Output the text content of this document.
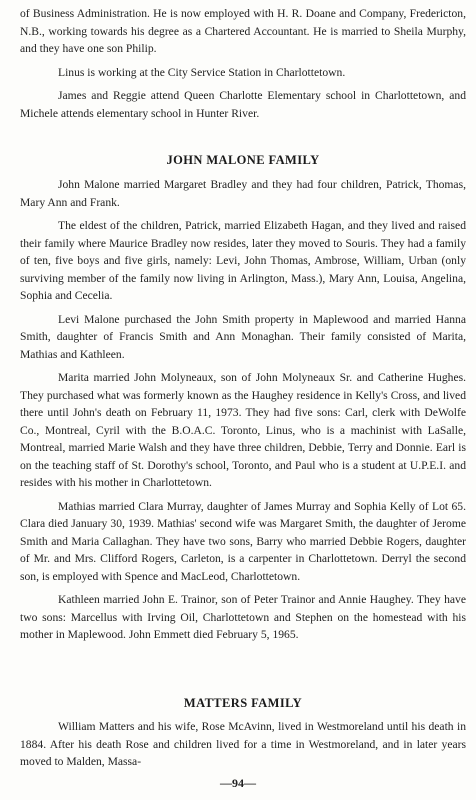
of Business Administration. He is now employed with H. R. Doane and Company, Fredericton, N.B., working towards his degree as a Chartered Accountant. He is married to Sheila Murphy, and they have one son Philip.

Linus is working at the City Service Station in Charlottetown.

James and Reggie attend Queen Charlotte Elementary school in Charlottetown, and Michele attends elementary school in Hunter River.

JOHN MALONE FAMILY

John Malone married Margaret Bradley and they had four children, Patrick, Thomas, Mary Ann and Frank.

The eldest of the children, Patrick, married Elizabeth Hagan, and they lived and raised their family where Maurice Bradley now resides, later they moved to Souris. They had a family of ten, five boys and five girls, namely: Levi, John Thomas, Ambrose, William, Urban (only surviving member of the family now living in Arlington, Mass.), Mary Ann, Louisa, Angelina, Sophia and Cecelia.

Levi Malone purchased the John Smith property in Maplewood and married Hanna Smith, daughter of Francis Smith and Ann Monaghan. Their family consisted of Marita, Mathias and Kathleen.

Marita married John Molyneaux, son of John Molyneaux Sr. and Catherine Hughes. They purchased what was formerly known as the Haughey residence in Kelly's Cross, and lived there until John's death on February 11, 1973. They had five sons: Carl, clerk with DeWolfe Co., Montreal, Cyril with the B.O.A.C. Toronto, Linus, who is a machinist with LaSalle, Montreal, married Marie Walsh and they have three children, Debbie, Terry and Donnie. Earl is on the teaching staff of St. Dorothy's school, Toronto, and Paul who is a student at U.P.E.I. and resides with his mother in Charlottetown.

Mathias married Clara Murray, daughter of James Murray and Sophia Kelly of Lot 65. Clara died January 30, 1939. Mathias' second wife was Margaret Smith, the daughter of Jerome Smith and Maria Callaghan. They have two sons, Barry who married Debbie Rogers, daughter of Mr. and Mrs. Clifford Rogers, Carleton, is a carpenter in Charlottetown. Derryl the second son, is employed with Spence and MacLeod, Charlottetown.

Kathleen married John E. Trainor, son of Peter Trainor and Annie Haughey. They have two sons: Marcellus with Irving Oil, Charlottetown and Stephen on the homestead with his mother in Maplewood. John Emmett died February 5, 1965.

MATTERS FAMILY

William Matters and his wife, Rose McAvinn, lived in Westmoreland until his death in 1884. After his death Rose and children lived for a time in Westmoreland, and in later years moved to Malden, Massa-

—94—
